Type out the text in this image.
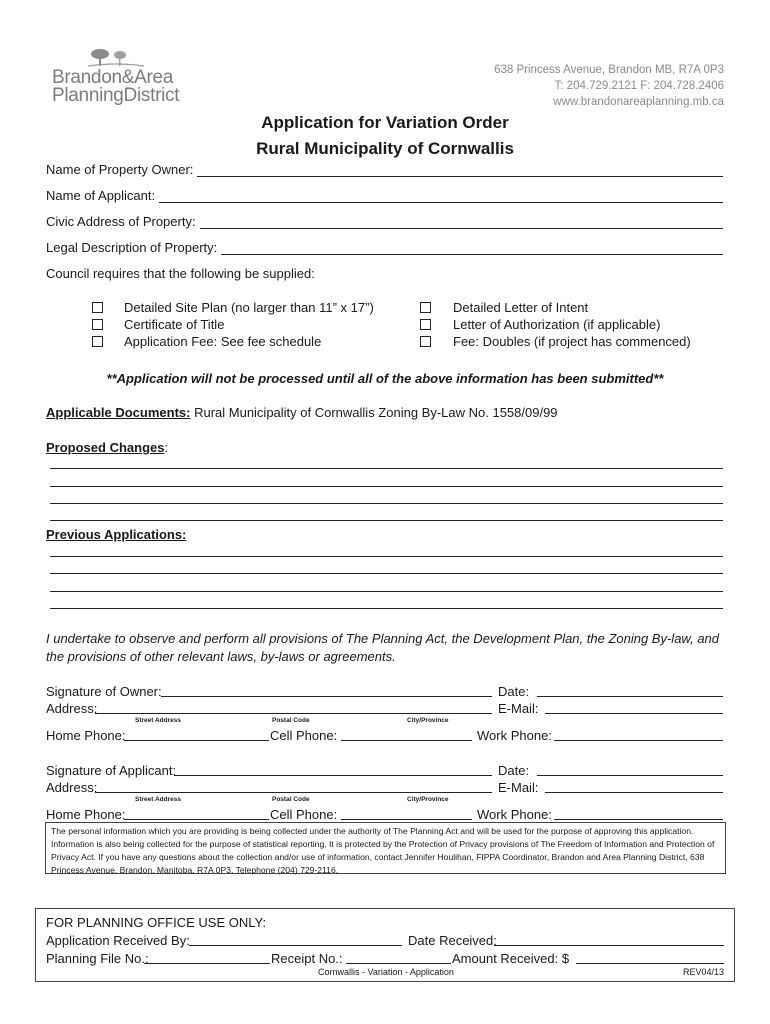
Brandon&Area
PlanningDistrict
638 Princess Avenue, Brandon MB, R7A 0P3
T: 204.729.2121 F: 204.728.2406
www.brandonareaplanning.mb.ca
Application for Variation Order
Rural Municipality of Cornwallis
Name of Property Owner:
Name of Applicant:
Civic Address of Property:
Legal Description of Property:
Council requires that the following be supplied:
Detailed Site Plan (no larger than 11” x 17”)
Certificate of Title
Application Fee: See fee schedule
Detailed Letter of Intent
Letter of Authorization (if applicable)
Fee: Doubles (if project has commenced)
**Application will not be processed until all of the above information has been submitted**
Applicable Documents: Rural Municipality of Cornwallis Zoning By-Law No. 1558/09/99
Proposed Changes:
Previous Applications:
I undertake to observe and perform all provisions of The Planning Act, the Development Plan, the Zoning By-law, and the provisions of other relevant laws, by-laws or agreements.
Signature of Owner:	Date:
Address:	E-Mail:
Street Address	Postal Code	City/Province
Home Phone:	Cell Phone:	Work Phone:
Signature of Applicant:	Date:
Address:	E-Mail:
Street Address	Postal Code	City/Province
Home Phone:	Cell Phone:	Work Phone:
The personal information which you are providing is being collected under the authority of The Planning Act and will be used for the purpose of approving this application. Information is also being collected for the purpose of statistical reporting. It is protected by the Protection of Privacy provisions of The Freedom of Information and Protection of Privacy Act. If you have any questions about the collection and/or use of information, contact Jennifer Houlihan, FIPPA Coordinator, Brandon and Area Planning District, 638 Princess Avenue, Brandon, Manitoba, R7A 0P3, Telephone (204) 729-2116.
FOR PLANNING OFFICE USE ONLY:
Application Received By:	Date Received:
Planning File No.:	Receipt No.:	Amount Received: $
Cornwallis - Variation - Application	REV04/13
